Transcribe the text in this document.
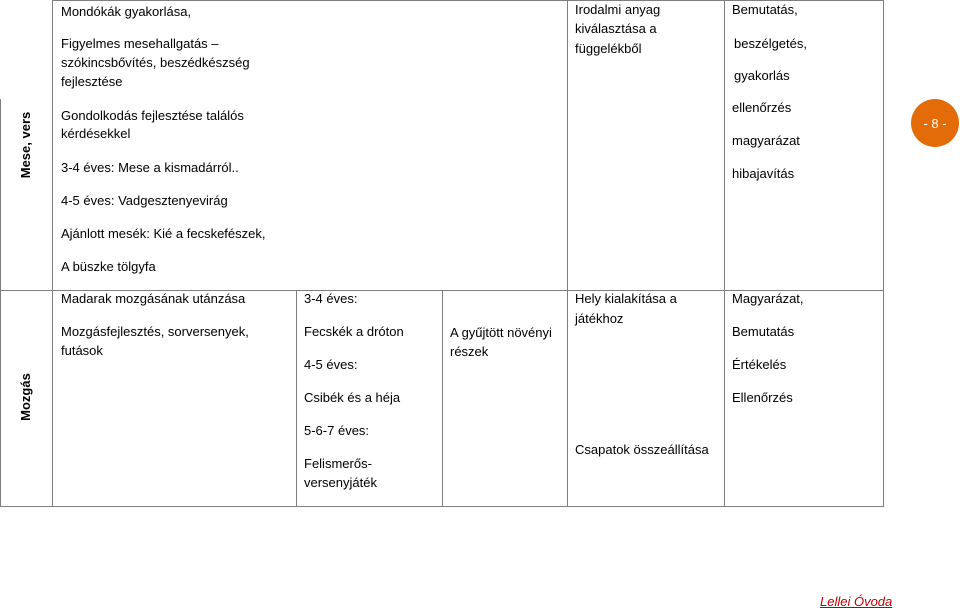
Mese, vers
Mozgás
Mondókák gyakorlása,
Figyelmes mesehallgatás –
szókincsbővítés, beszédkészség
fejlesztése
Gondolkodás fejlesztése találós
kérdésekkel
3-4 éves: Mese a kismadárról..
4-5 éves: Vadgesztenyevirág
Ajánlott mesék: Kié a fecskefészek,
A büszke tölgyfa
Irodalmi anyag
kiválasztása a
függelékből
Bemutatás,
beszélgetés,
gyakorlás
ellenőrzés
magyarázat
hibajavítás
Madarak mozgásának utánzása
Mozgásfejlesztés, sorversenyek,
futások
3-4 éves:
Fecskék a dróton
4-5 éves:
Csibék és a héja
5-6-7 éves:
Felismerős-
versenyjáték
A gyűjtött növényi
részek
Hely kialakítása a
játékhoz
Csapatok összeállítása
Magyarázat,
Bemutatás
Értékelés
Ellenőrzés
- 8 -
Lellei Óvoda
